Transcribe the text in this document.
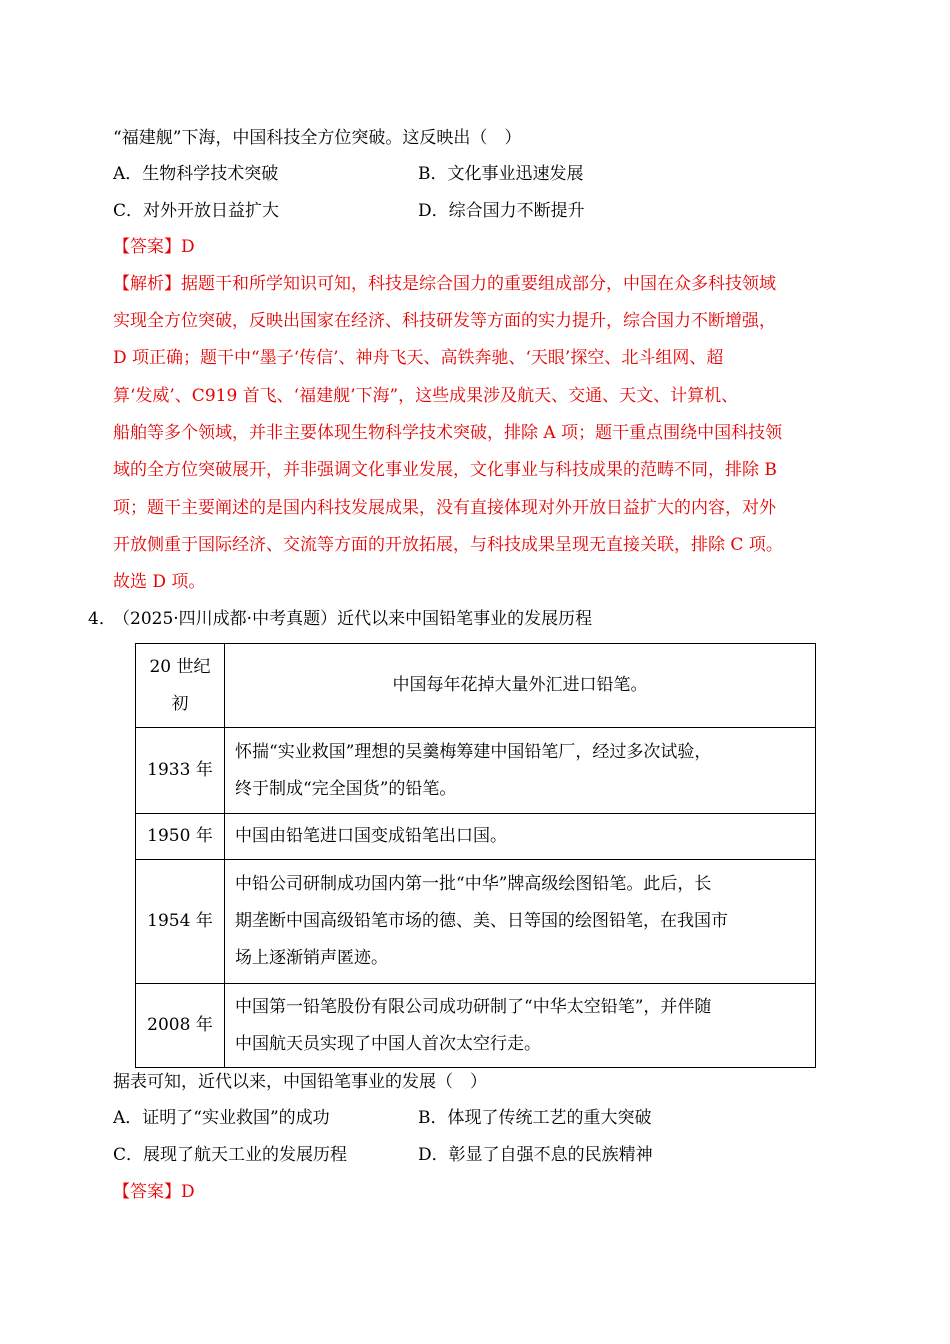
“福建舰”下海，中国科技全方位突破。这反映出（　）
A．生物科学技术突破	B．文化事业迅速发展
C．对外开放日益扩大	D．综合国力不断提升
【答案】D
【解析】据题干和所学知识可知，科技是综合国力的重要组成部分，中国在众多科技领域
实现全方位突破，反映出国家在经济、科技研发等方面的实力提升，综合国力不断增强，
D 项正确；题干中“墨子‘传信’、神舟飞天、高铁奔驰、‘天眼’探空、北斗组网、超
算‘发威’、C919 首飞、‘福建舰’下海”，这些成果涉及航天、交通、天文、计算机、
船舶等多个领域，并非主要体现生物科学技术突破，排除 A 项；题干重点围绕中国科技领
域的全方位突破展开，并非强调文化事业发展，文化事业与科技成果的范畴不同，排除 B
项；题干主要阐述的是国内科技发展成果，没有直接体现对外开放日益扩大的内容，对外
开放侧重于国际经济、交流等方面的开放拓展，与科技成果呈现无直接关联，排除 C 项。
故选 D 项。
4．
（2025·四川成都·中考真题）近代以来中国铅笔事业的发展历程
20 世纪
初	中国每年花掉大量外汇进口铅笔。
1933 年	怀揣“实业救国”理想的吴羹梅筹建中国铅笔厂，经过多次试验，
终于制成“完全国货”的铅笔。
1950 年	中国由铅笔进口国变成铅笔出口国。
1954 年	中铅公司研制成功国内第一批“中华”牌高级绘图铅笔。此后，长
期垄断中国高级铅笔市场的德、美、日等国的绘图铅笔，在我国市
场上逐渐销声匿迹。
2008 年	中国第一铅笔股份有限公司成功研制了“中华太空铅笔”，并伴随
中国航天员实现了中国人首次太空行走。
据表可知，近代以来，中国铅笔事业的发展（　）
A．证明了“实业救国”的成功	B．体现了传统工艺的重大突破
C．展现了航天工业的发展历程	D．彰显了自强不息的民族精神
【答案】D
